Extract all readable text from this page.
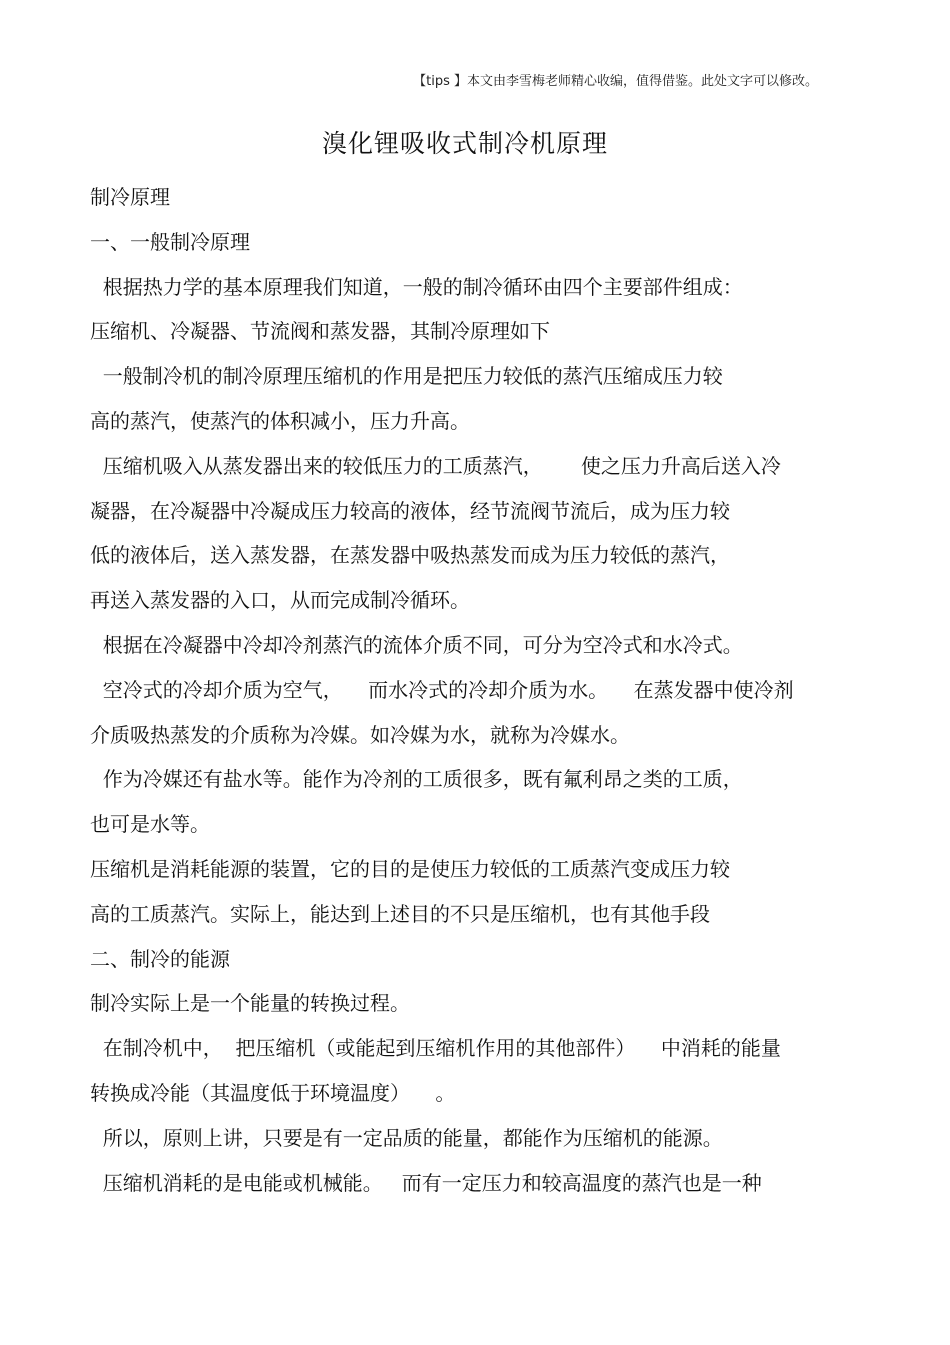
【tips 】本文由李雪梅老师精心收编，值得借鉴。此处文字可以修改。
溴化锂吸收式制冷机原理
制冷原理
一、一般制冷原理
根据热力学的基本原理我们知道，一般的制冷循环由四个主要部件组成：
压缩机、冷凝器、节流阀和蒸发器，其制冷原理如下
一般制冷机的制冷原理压缩机的作用是把压力较低的蒸汽压缩成压力较
高的蒸汽，使蒸汽的体积减小，压力升高。
压缩机吸入从蒸发器出来的较低压力的工质蒸汽，      使之压力升高后送入冷
凝器，在冷凝器中冷凝成压力较高的液体，经节流阀节流后，成为压力较
低的液体后，送入蒸发器，在蒸发器中吸热蒸发而成为压力较低的蒸汽，
再送入蒸发器的入口，从而完成制冷循环。
根据在冷凝器中冷却冷剂蒸汽的流体介质不同，可分为空冷式和水冷式。
空冷式的冷却介质为空气，    而水冷式的冷却介质为水。    在蒸发器中使冷剂
介质吸热蒸发的介质称为冷媒。如冷媒为水，就称为冷媒水。
作为冷媒还有盐水等。能作为冷剂的工质很多，既有氟利昂之类的工质，
也可是水等。
压缩机是消耗能源的装置，它的目的是使压力较低的工质蒸汽变成压力较
高的工质蒸汽。实际上，能达到上述目的不只是压缩机，也有其他手段
二、制冷的能源
制冷实际上是一个能量的转换过程。
在制冷机中，  把压缩机（或能起到压缩机作用的其他部件）    中消耗的能量
转换成冷能（其温度低于环境温度）    。
所以，原则上讲，只要是有一定品质的能量，都能作为压缩机的能源。
压缩机消耗的是电能或机械能。   而有一定压力和较高温度的蒸汽也是一种
